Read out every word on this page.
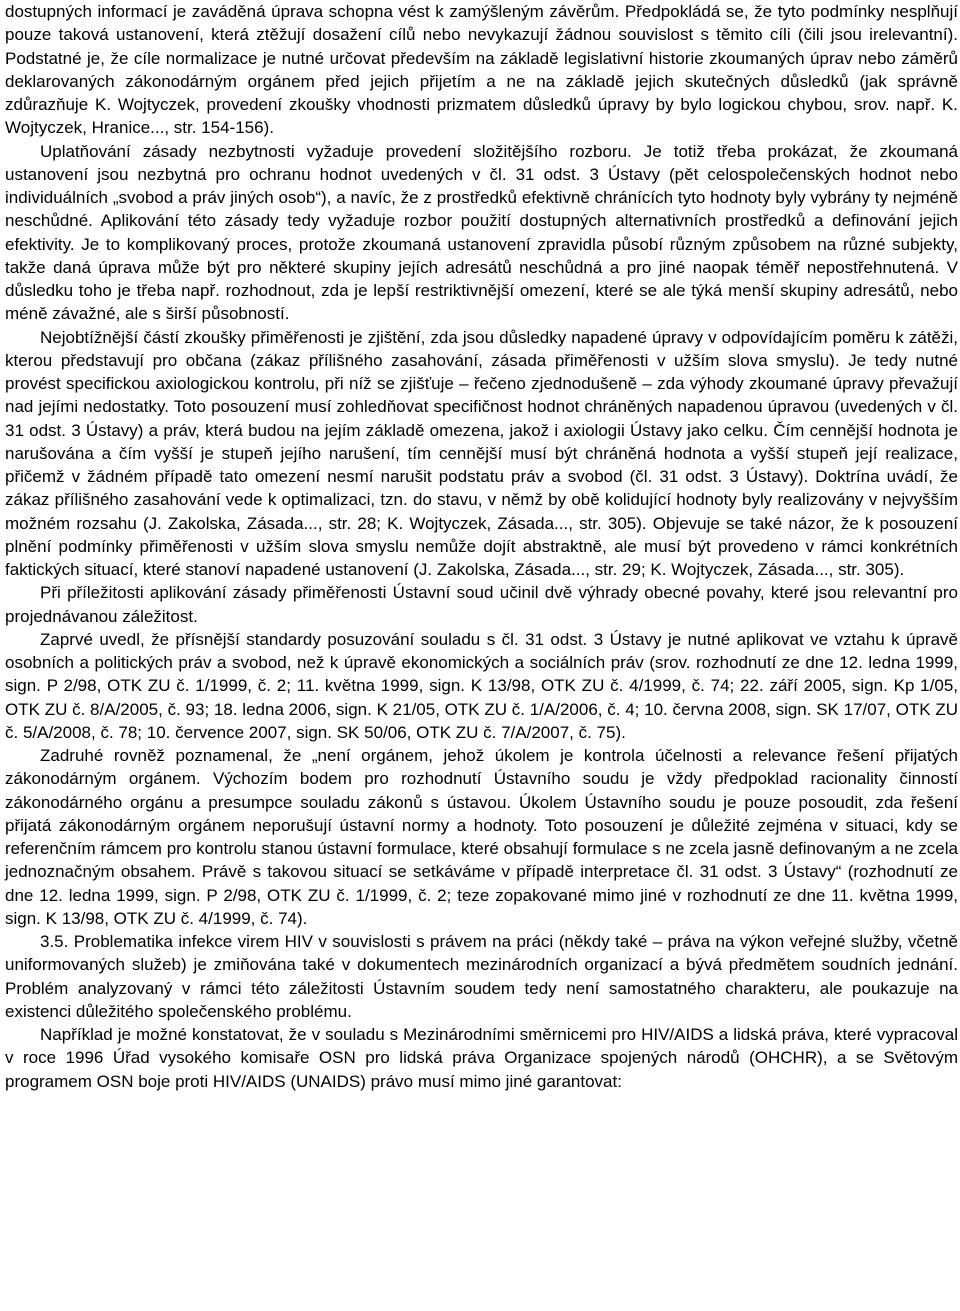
dostupných informací je zaváděná úprava schopna vést k zamýšleným závěrům. Předpokládá se, že tyto podmínky nesplňují pouze taková ustanovení, která ztěžují dosažení cílů nebo nevykazují žádnou souvislost s těmito cíli (čili jsou irelevantní). Podstatné je, že cíle normalizace je nutné určovat především na základě legislativní historie zkoumaných úprav nebo záměrů deklarovaných zákonodárným orgánem před jejich přijetím a ne na základě jejich skutečných důsledků (jak správně zdůrazňuje K. Wojtyczek, provedení zkoušky vhodnosti prizmatem důsledků úpravy by bylo logickou chybou, srov. např. K. Wojtyczek, Hranice..., str. 154-156).

Uplatňování zásady nezbytnosti vyžaduje provedení složitějšího rozboru. Je totiž třeba prokázat, že zkoumaná ustanovení jsou nezbytná pro ochranu hodnot uvedených v čl. 31 odst. 3 Ústavy (pět celospolečenských hodnot nebo individuálních „svobod a práv jiných osob“), a navíc, že z prostředků efektivně chránících tyto hodnoty byly vybrány ty nejméně neschůdné. Aplikování této zásady tedy vyžaduje rozbor použití dostupných alternativních prostředků a definování jejich efektivity. Je to komplikovaný proces, protože zkoumaná ustanovení zpravidla působí různým způsobem na různé subjekty, takže daná úprava může být pro některé skupiny jejích adresátů neschůdná a pro jiné naopak téměř nepostřehnutená. V důsledku toho je třeba např. rozhodnout, zda je lepší restriktivnější omezení, které se ale týká menší skupiny adresátů, nebo méně závažné, ale s širší působností.

Nejobtížnější částí zkoušky přiměřenosti je zjištění, zda jsou důsledky napadené úpravy v odpovídajícím poměru k zátěži, kterou představují pro občana (zákaz přílišného zasahování, zásada přiměřenosti v užším slova smyslu). Je tedy nutné provést specifickou axiologickou kontrolu, při níž se zjišťuje – řečeno zjednodušeně – zda výhody zkoumané úpravy převažují nad jejími nedostatky. Toto posouzení musí zohledňovat specifičnost hodnot chráněných napadenou úpravou (uvedených v čl. 31 odst. 3 Ústavy) a práv, která budou na jejím základě omezena, jakož i axiologii Ústavy jako celku. Čím cennější hodnota je narušována a čím vyšší je stupeň jejího narušení, tím cennější musí být chráněná hodnota a vyšší stupeň její realizace, přičemž v žádném případě tato omezení nesmí narušit podstatu práv a svobod (čl. 31 odst. 3 Ústavy). Doktrína uvádí, že zákaz přílišného zasahování vede k optimalizaci, tzn. do stavu, v němž by obě kolidující hodnoty byly realizovány v nejvyšším možném rozsahu (J. Zakolska, Zásada..., str. 28; K. Wojtyczek, Zásada..., str. 305). Objevuje se také názor, že k posouzení plnění podmínky přiměřenosti v užším slova smyslu nemůže dojít abstraktně, ale musí být provedeno v rámci konkrétních faktických situací, které stanoví napadené ustanovení (J. Zakolska, Zásada..., str. 29; K. Wojtyczek, Zásada..., str. 305).

Při příležitosti aplikování zásady přiměřenosti Ústavní soud učinil dvě výhrady obecné povahy, které jsou relevantní pro projednávanou záležitost.

Zaprvé uvedl, že přísnější standardy posuzování souladu s čl. 31 odst. 3 Ústavy je nutné aplikovat ve vztahu k úpravě osobních a politických práv a svobod, než k úpravě ekonomických a sociálních práv (srov. rozhodnutí ze dne 12. ledna 1999, sign. P 2/98, OTK ZU č. 1/1999, č. 2; 11. května 1999, sign. K 13/98, OTK ZU č. 4/1999, č. 74; 22. září 2005, sign. Kp 1/05, OTK ZU č. 8/A/2005, č. 93; 18. ledna 2006, sign. K 21/05, OTK ZU č. 1/A/2006, č. 4; 10. června 2008, sign. SK 17/07, OTK ZU č. 5/A/2008, č. 78; 10. července 2007, sign. SK 50/06, OTK ZU č. 7/A/2007, č. 75).

Zadruhé rovněž poznamenal, že „není orgánem, jehož úkolem je kontrola účelnosti a relevance řešení přijatých zákonodárným orgánem. Výchozím bodem pro rozhodnutí Ústavního soudu je vždy předpoklad racionality činností zákonodárného orgánu a presumpce souladu zákonů s ústavou. Úkolem Ústavního soudu je pouze posoudit, zda řešení přijatá zákonodárným orgánem neporušují ústavní normy a hodnoty. Toto posouzení je důležité zejména v situaci, kdy se referenčním rámcem pro kontrolu stanou ústavní formulace, které obsahují formulace s ne zcela jasně definovaným a ne zcela jednoznačným obsahem. Právě s takovou situací se setkáváme v případě interpretace čl. 31 odst. 3 Ústavy“ (rozhodnutí ze dne 12. ledna 1999, sign. P 2/98, OTK ZU č. 1/1999, č. 2; teze zopakované mimo jiné v rozhodnutí ze dne 11. května 1999, sign. K 13/98, OTK ZU č. 4/1999, č. 74).

3.5. Problematika infekce virem HIV v souvislosti s právem na práci (někdy také – práva na výkon veřejné služby, včetně uniformovaných služeb) je zmiňována také v dokumentech mezinárodních organizací a bývá předmětem soudních jednání. Problém analyzovaný v rámci této záležitosti Ústavním soudem tedy není samostatného charakteru, ale poukazuje na existenci důležitého společenského problému.

Například je možné konstatovat, že v souladu s Mezinárodními směrnicemi pro HIV/AIDS a lidská práva, které vypracoval v roce 1996 Úřad vysokého komisaře OSN pro lidská práva Organizace spojených národů (OHCHR), a se Světovým programem OSN boje proti HIV/AIDS (UNAIDS) právo musí mimo jiné garantovat:
